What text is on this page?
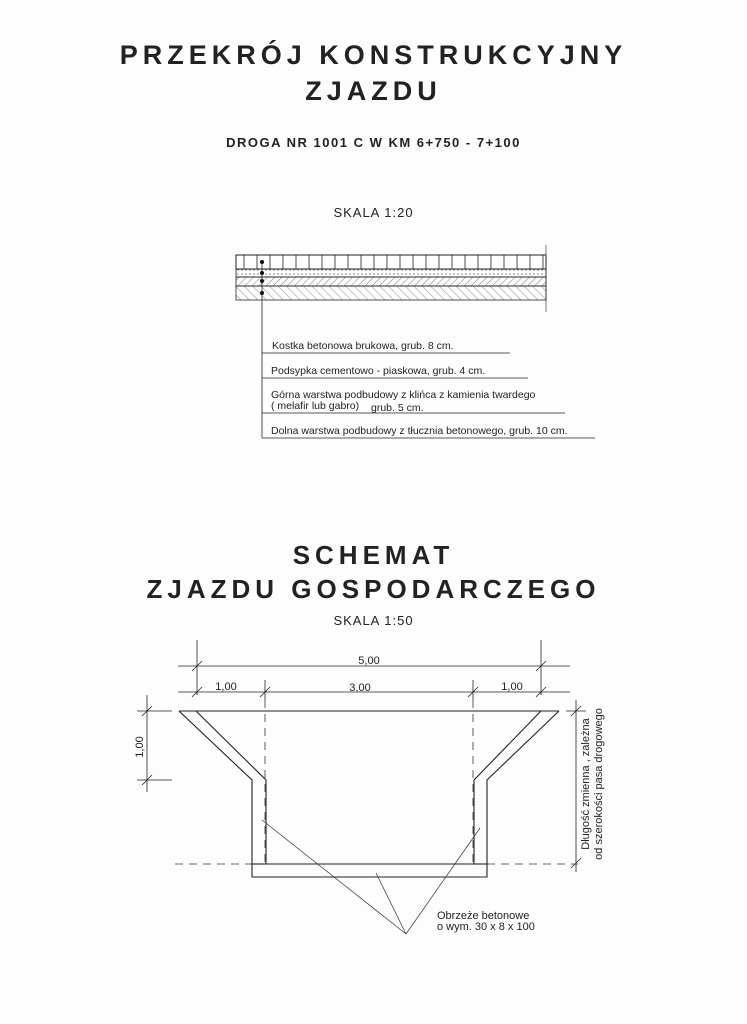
PRZEKRÓJ KONSTRUKCYJNY
ZJAZDU
DROGA NR 1001 C W KM 6+750 - 7+100
SKALA 1:20
5,00
1,00	3,00	1,00
1,00	Długość zmienna , zależna od szerokości pasa drogowego
Kostka betonowa brukowa, grub. 8 cm.
Podsypka cementowo - piaskowa, grub. 4 cm.
Górna warstwa podbudowy z klińca z kamienia twardego
( melafir lub gabro) grub. 5 cm.
Dolna warstwa podbudowy z tłucznia betonowego, grub. 10 cm.
SCHEMAT
ZJAZDU GOSPODARCZEGO
SKALA 1:50
Obrzeże betonowe
o wym. 30 x 8 x 100
